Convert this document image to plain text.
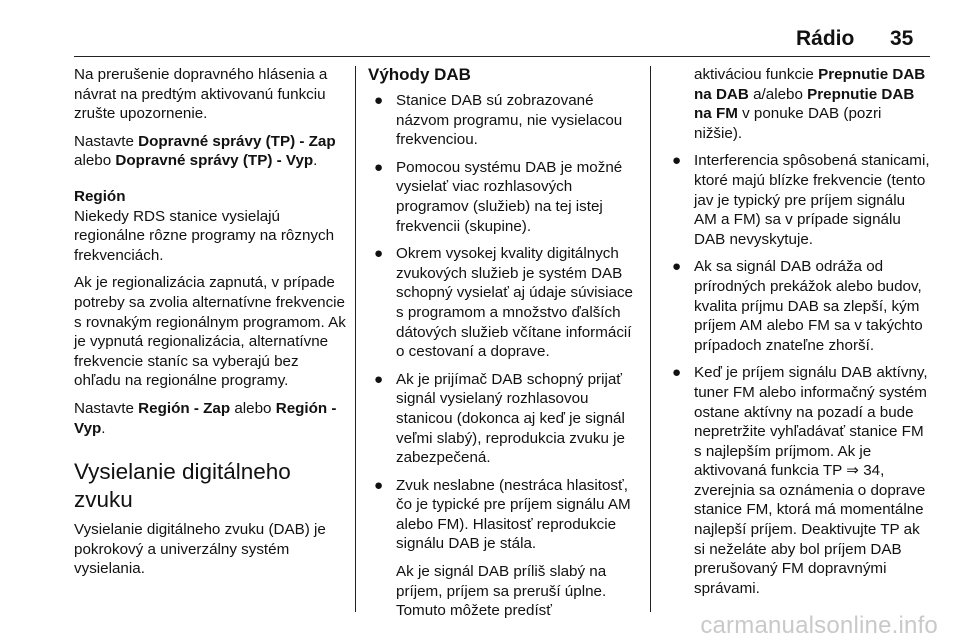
Rádio 35

Na prerušenie dopravného hlásenia a návrat na predtým aktivovanú funkciu zrušte upozornenie.

Nastavte Dopravné správy (TP) - Zap alebo Dopravné správy (TP) - Vyp.

Región

Niekedy RDS stanice vysielajú regionálne rôzne programy na rôznych frekvenciách.

Ak je regionalizácia zapnutá, v prípade potreby sa zvolia alternatívne frekvencie s rovnakým regionálnym programom. Ak je vypnutá regionalizácia, alternatívne frekvencie staníc sa vyberajú bez ohľadu na regionálne programy.

Nastavte Región - Zap alebo Región - Vyp.

Vysielanie digitálneho zvuku

Vysielanie digitálneho zvuku (DAB) je pokrokový a univerzálny systém vysielania.

Výhody DAB
● Stanice DAB sú zobrazované názvom programu, nie vysielacou frekvenciou.
● Pomocou systému DAB je možné vysielať viac rozhlasových programov (služieb) na tej istej frekvencii (skupine).
● Okrem vysokej kvality digitálnych zvukových služieb je systém DAB schopný vysielať aj údaje súvisiace s programom a množstvo ďalších dátových služieb včítane informácií o cestovaní a doprave.
● Ak je prijímač DAB schopný prijať signál vysielaný rozhlasovou stanicou (dokonca aj keď je signál veľmi slabý), reprodukcia zvuku je zabezpečená.
● Zvuk neslabne (nestráca hlasitosť, čo je typické pre príjem signálu AM alebo FM). Hlasitosť reprodukcie signálu DAB je stála.

Ak je signál DAB príliš slabý na príjem, príjem sa preruší úplne. Tomuto môžete predísť

aktiváciou funkcie Prepnutie DAB na DAB a/alebo Prepnutie DAB na FM v ponuke DAB (pozri nižšie).

● Interferencia spôsobená stanicami, ktoré majú blízke frekvencie (tento jav je typický pre príjem signálu AM a FM) sa v prípade signálu DAB nevyskytuje.
● Ak sa signál DAB odráža od prírodných prekážok alebo budov, kvalita príjmu DAB sa zlepší, kým príjem AM alebo FM sa v takýchto prípadoch znateľne zhorší.
● Keď je príjem signálu DAB aktívny, tuner FM alebo informačný systém ostane aktívny na pozadí a bude nepretržite vyhľadávať stanice FM s najlepším príjmom. Ak je aktivovaná funkcia TP ⇒ 34, zverejnia sa oznámenia o doprave stanice FM, ktorá má momentálne najlepší príjem. Deaktivujte TP ak si neželáte aby bol príjem DAB prerušovaný FM dopravnými správami.
carmanualsonline.info
